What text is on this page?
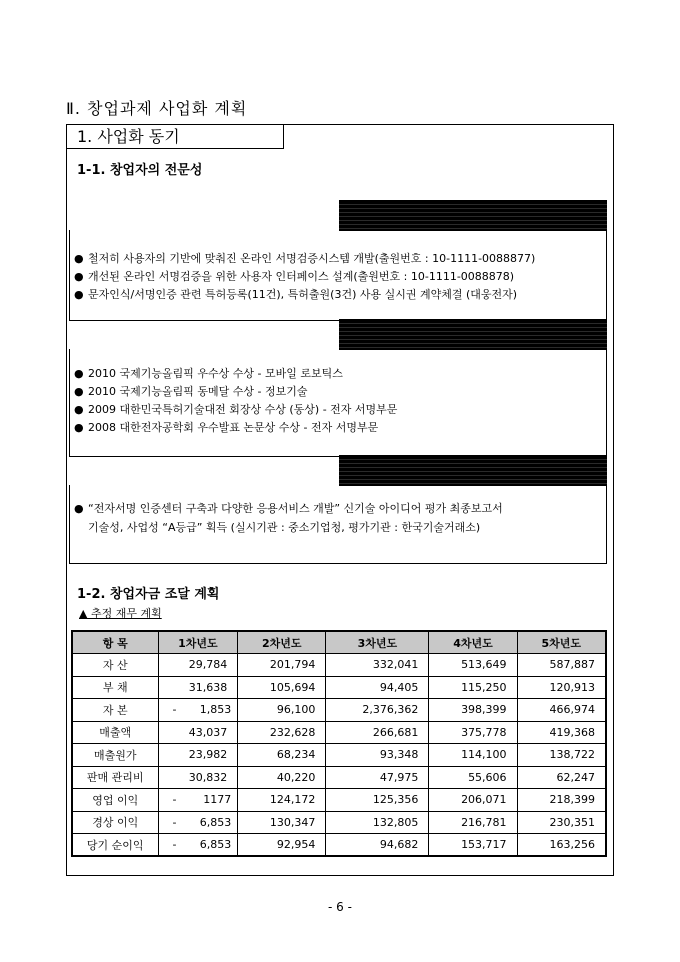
Ⅱ. 창업과제 사업화 계획
1. 사업화 동기
1-1. 창업자의 전문성
● 철저히 사용자의 기반에 맞춰진 온라인 서명검증시스템 개발(출원번호 : 10-1111-0088877)
● 개선된 온라인 서명검증을 위한 사용자 인터페이스 설계(출원번호 : 10-1111-0088878)
● 문자인식/서명인증 관련 특허등록(11건), 특허출원(3건) 사용 실시권 계약체결 (대웅전자)
● 2010 국제기능올림픽 우수상 수상 - 모바일 로보틱스
● 2010 국제기능올림픽 동메달 수상 - 정보기술
● 2009 대한민국특허기술대전 회장상 수상 (동상) - 전자 서명부문
● 2008 대한전자공학회 우수발표 논문상 수상 - 전자 서명부문
● “전자서명 인증센터 구축과 다양한 응용서비스 개발” 신기술 아이디어 평가 최종보고서
기술성, 사업성 “A등급” 획득 (실시기관 : 중소기업청, 평가기관 : 한국기술거래소)
1-2. 창업자금 조달 계획
▲ 추정 재무 계획
항 목	1차년도	2차년도	3차년도	4차년도	5차년도
자 산	29,784	201,794	332,041	513,649	587,887
부 채	31,638	105,694	94,405	115,250	120,913
자 본	- 1,853	96,100	2,376,362	398,399	466,974
매출액	43,037	232,628	266,681	375,778	419,368
매출원가	23,982	68,234	93,348	114,100	138,722
판매 관리비	30,832	40,220	47,975	55,606	62,247
영업 이익	- 1177	124,172	125,356	206,071	218,399
경상 이익	- 6,853	130,347	132,805	216,781	230,351
당기 순이익	- 6,853	92,954	94,682	153,717	163,256
- 6 -
